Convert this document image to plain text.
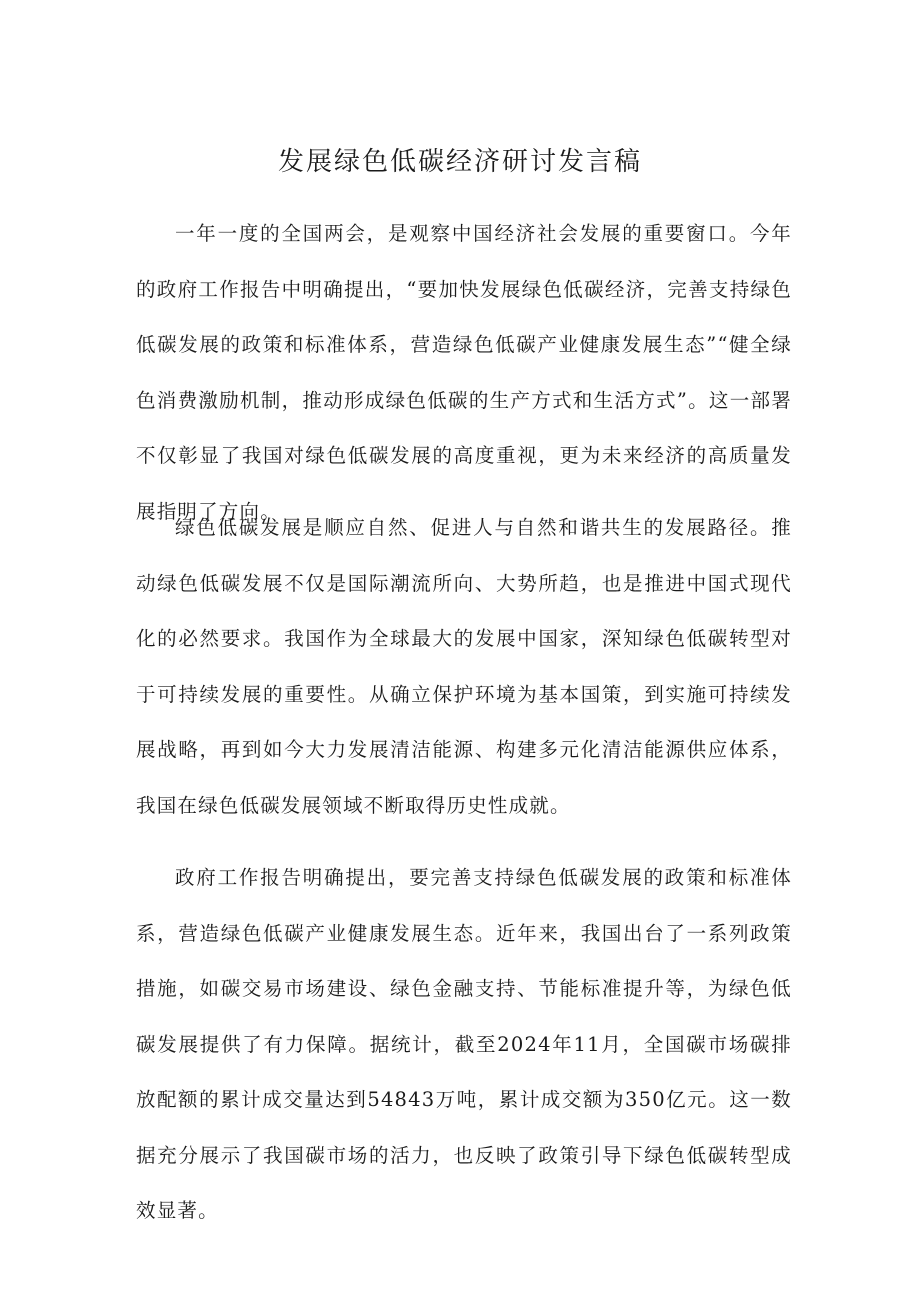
发展绿色低碳经济研讨发言稿

一年一度的全国两会，是观察中国经济社会发展的重要窗口。今年的政府工作报告中明确提出，“要加快发展绿色低碳经济，完善支持绿色低碳发展的政策和标准体系，营造绿色低碳产业健康发展生态”“健全绿色消费激励机制，推动形成绿色低碳的生产方式和生活方式”。这一部署不仅彰显了我国对绿色低碳发展的高度重视，更为未来经济的高质量发展指明了方向。

绿色低碳发展是顺应自然、促进人与自然和谐共生的发展路径。推动绿色低碳发展不仅是国际潮流所向、大势所趋，也是推进中国式现代化的必然要求。我国作为全球最大的发展中国家，深知绿色低碳转型对于可持续发展的重要性。从确立保护环境为基本国策，到实施可持续发展战略，再到如今大力发展清洁能源、构建多元化清洁能源供应体系，我国在绿色低碳发展领域不断取得历史性成就。

政府工作报告明确提出，要完善支持绿色低碳发展的政策和标准体系，营造绿色低碳产业健康发展生态。近年来，我国出台了一系列政策措施，如碳交易市场建设、绿色金融支持、节能标准提升等，为绿色低碳发展提供了有力保障。据统计，截至2024年11月，全国碳市场碳排放配额的累计成交量达到54843万吨，累计成交额为350亿元。这一数据充分展示了我国碳市场的活力，也反映了政策引导下绿色低碳转型成效显著。
